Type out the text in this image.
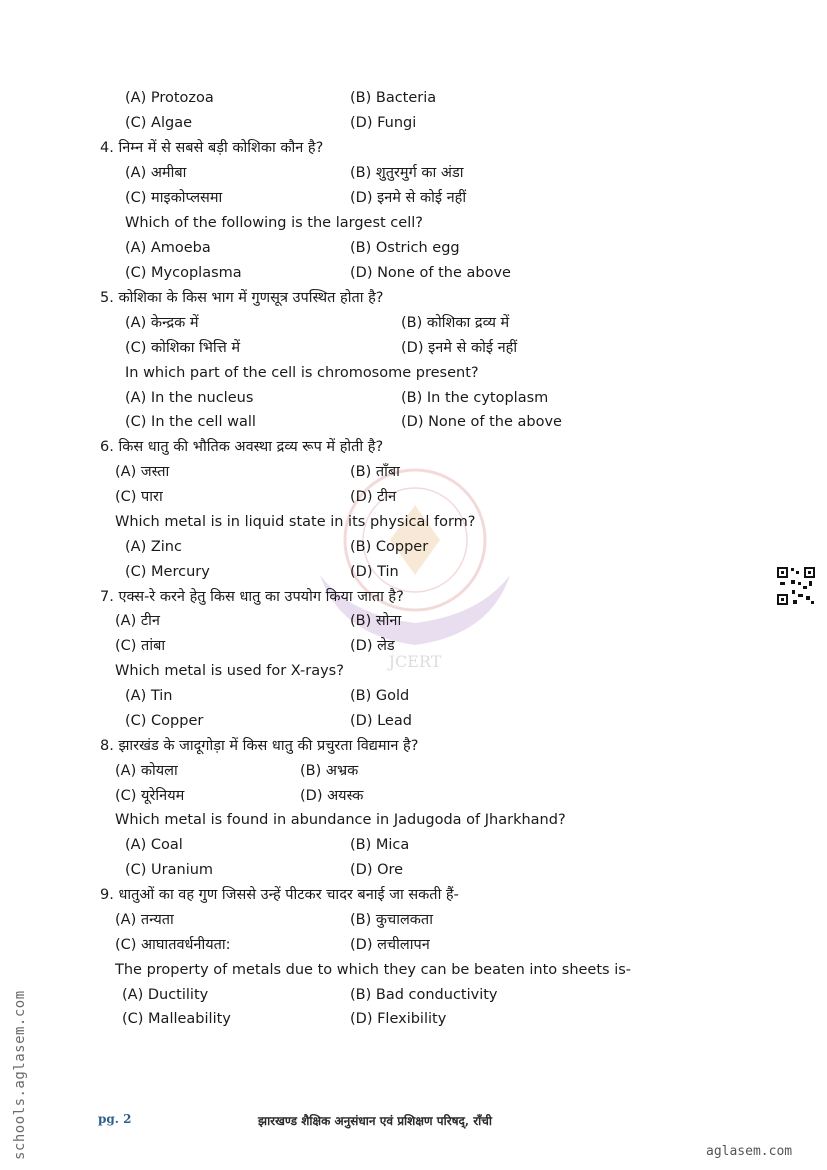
JCERT
(A) Protozoa	(B) Bacteria
(C) Algae	(D) Fungi
4. निम्न में से सबसे बड़ी कोशिका कौन है?
(A) अमीबा	(B) शुतुरमुर्ग का अंडा
(C) माइकोप्लसमा	(D) इनमे से कोई नहीं
Which of the following is the largest cell?
(A) Amoeba	(B) Ostrich egg
(C) Mycoplasma	(D) None of the above
5. कोशिका के किस भाग में गुणसूत्र उपस्थित होता है?
(A) केन्द्रक में	(B) कोशिका द्रव्य में
(C) कोशिका भित्ति में	(D) इनमे से कोई नहीं
In which part of the cell is chromosome present?
(A) In the nucleus	(B) In the cytoplasm
(C) In the cell wall	(D) None of the above
6. किस धातु की भौतिक अवस्था द्रव्य रूप में होती है?
(A) जस्ता	(B) ताँबा
(C) पारा	(D) टीन
Which metal is in liquid state in its physical form?
(A) Zinc	(B) Copper
(C) Mercury	(D) Tin
7. एक्स-रे करने हेतु किस धातु का उपयोग किया जाता है?
(A) टीन	(B) सोना
(C) तांबा	(D) लेड
Which metal is used for X-rays?
(A) Tin	(B) Gold
(C) Copper	(D) Lead
8. झारखंड के जादूगोड़ा में किस धातु की प्रचुरता विद्यमान है?
(A) कोयला	(B) अभ्रक
(C) यूरेनियम	(D) अयस्क
Which metal is found in abundance in Jadugoda of Jharkhand?
(A) Coal	(B) Mica
(C) Uranium	(D) Ore
9. धातुओं का वह गुण जिससे उन्हें पीटकर चादर बनाई जा सकती हैं-
(A) तन्यता	(B) कुचालकता
(C) आघातवर्धनीयता:	(D) लचीलापन
The property of metals due to which they can be beaten into sheets is-
(A) Ductility	(B) Bad conductivity
(C) Malleability	(D) Flexibility
schools.aglasem.com	pg. 2	झारखण्ड शैक्षिक अनुसंधान एवं प्रशिक्षण परिषद्, राँची
aglasem.com
